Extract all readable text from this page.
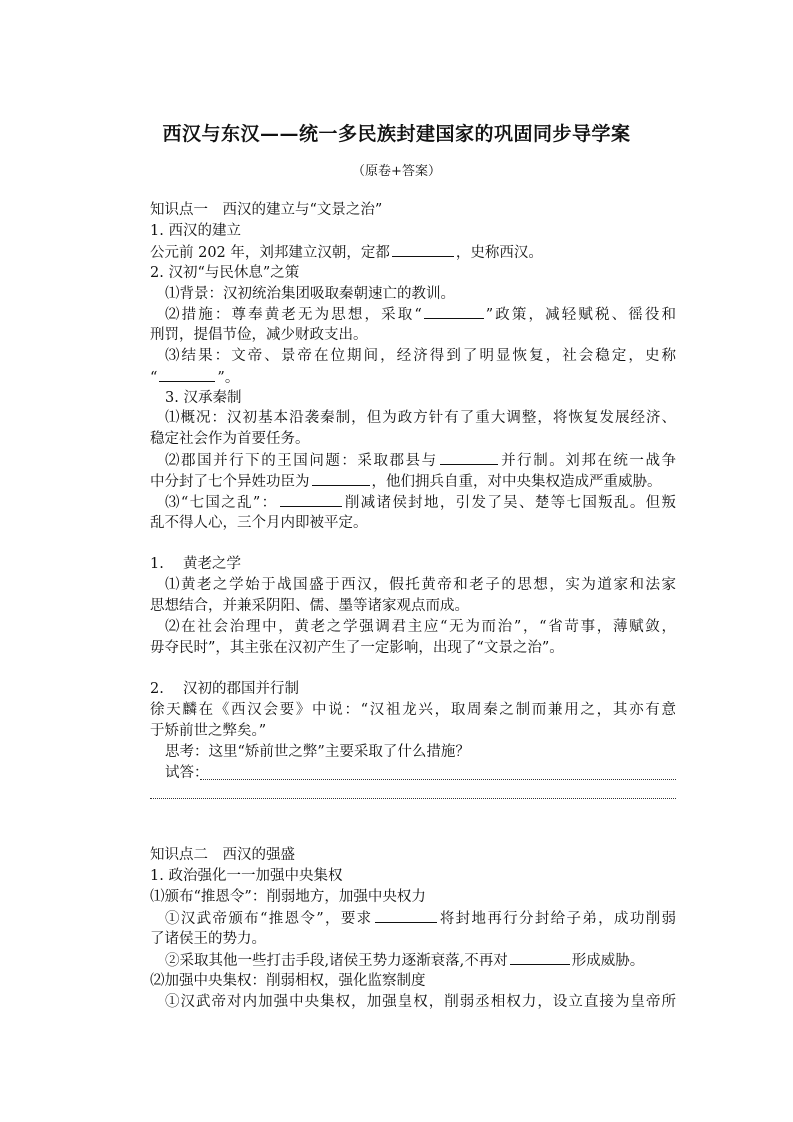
西汉与东汉——统一多民族封建国家的巩固同步导学案
（原卷+答案）
知识点一　西汉的建立与“文景之治”
1. 西汉的建立
公元前 202 年，刘邦建立汉朝，定都	，史称西汉。
2. 汉初“与民休息”之策
⑴背景：汉初统治集团吸取秦朝速亡的教训。
⑵措施：尊奉黄老无为思想，采取“	”政策，减轻赋税、徭役和
刑罚，提倡节俭，减少财政支出。
⑶结果：文帝、景帝在位期间，经济得到了明显恢复，社会稳定，史称
“	”。
3. 汉承秦制
⑴概况：汉初基本沿袭秦制，但为政方针有了重大调整，将恢复发展经济、
稳定社会作为首要任务。
⑵郡国并行下的王国问题：采取郡县与	并行制。刘邦在统一战争
中分封了七个异姓功臣为	，他们拥兵自重，对中央集权造成严重威胁。
⑶“七国之乱”：	削减诸侯封地，引发了吴、楚等七国叛乱。但叛
乱不得人心，三个月内即被平定。
1.　 黄老之学
⑴黄老之学始于战国盛于西汉，假托黄帝和老子的思想，实为道家和法家
思想结合，并兼采阴阳、儒、墨等诸家观点而成。
⑵在社会治理中，黄老之学强调君主应“无为而治”，“省苛事，薄赋敛，
毋夺民时”，其主张在汉初产生了一定影响，出现了“文景之治”。
2.　 汉初的郡国并行制
徐天麟在《西汉会要》中说：“汉祖龙兴，取周秦之制而兼用之，其亦有意
于矫前世之弊矣。”
思考：这里“矫前世之弊”主要采取了什么措施？
试答：
知识点二　西汉的强盛
1. 政治强化一一加强中央集权
⑴颁布“推恩令”：削弱地方，加强中央权力
①汉武帝颁布“推恩令”，要求	将封地再行分封给子弟，成功削弱
了诸侯王的势力。
②采取其他一些打击手段,诸侯王势力逐渐衰落,不再对	形成威胁。
⑵加强中央集权：削弱相权，强化监察制度
①汉武帝对内加强中央集权，加强皇权，削弱丞相权力，设立直接为皇帝所
